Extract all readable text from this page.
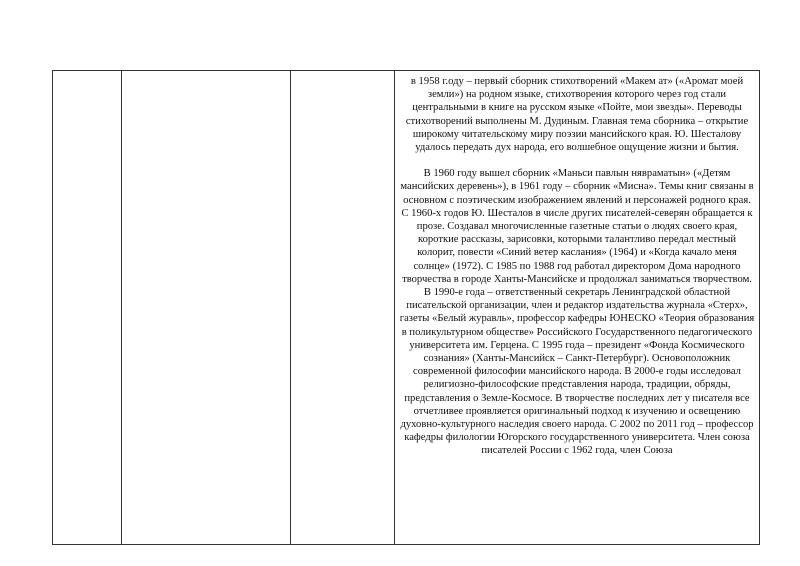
в 1958 г.оду – первый сборник стихотворений «Макем ат» («Аромат моей земли») на родном языке, стихотворения которого через год стали центральными в книге на русском языке «Пойте, мои звезды». Переводы стихотворений выполнены М. Дудиным. Главная тема сборника – открытие широкому читательскому миру поэзии мансийского края. Ю. Шесталову удалось передать дух народа, его волшебное ощущение жизни и бытия.

В 1960 году вышел сборник «Маньси павлын нявраматын» («Детям мансийских деревень»), в 1961 году – сборник «Мисна». Темы книг связаны в основном с поэтическим изображением явлений и персонажей родного края. С 1960-х годов Ю. Шесталов в числе других писателей-северян обращается к прозе. Создавал многочисленные газетные статьи о людях своего края, короткие рассказы, зарисовки, которыми талантливо передал местный колорит, повести «Синий ветер каслания» (1964) и «Когда качало меня солнце» (1972). С 1985 по 1988 год работал директором Дома народного творчества в городе Ханты-Мансийске и продолжал заниматься творчеством. В 1990-е года – ответственный секретарь Ленинградской областной писательской организации, член и редактор издательства журнала «Стерх», газеты «Белый журавль», профессор кафедры ЮНЕСКО «Теория образования в поликультурном обществе» Российского Государственного педагогического университета им. Герцена. С 1995 года – президент «Фонда Космического сознания» (Ханты-Мансийск – Санкт-Петербург). Основоположник современной философии мансийского народа. В 2000-е годы исследовал религиозно-философские представления народа, традиции, обряды, представления о Земле-Космосе. В творчестве последних лет у писателя все отчетливее проявляется оригинальный подход к изучению и освещению духовно-культурного наследия своего народа. С 2002 по 2011 год – профессор кафедры филологии Югорского государственного университета. Член союза писателей России с 1962 года, член Союза
